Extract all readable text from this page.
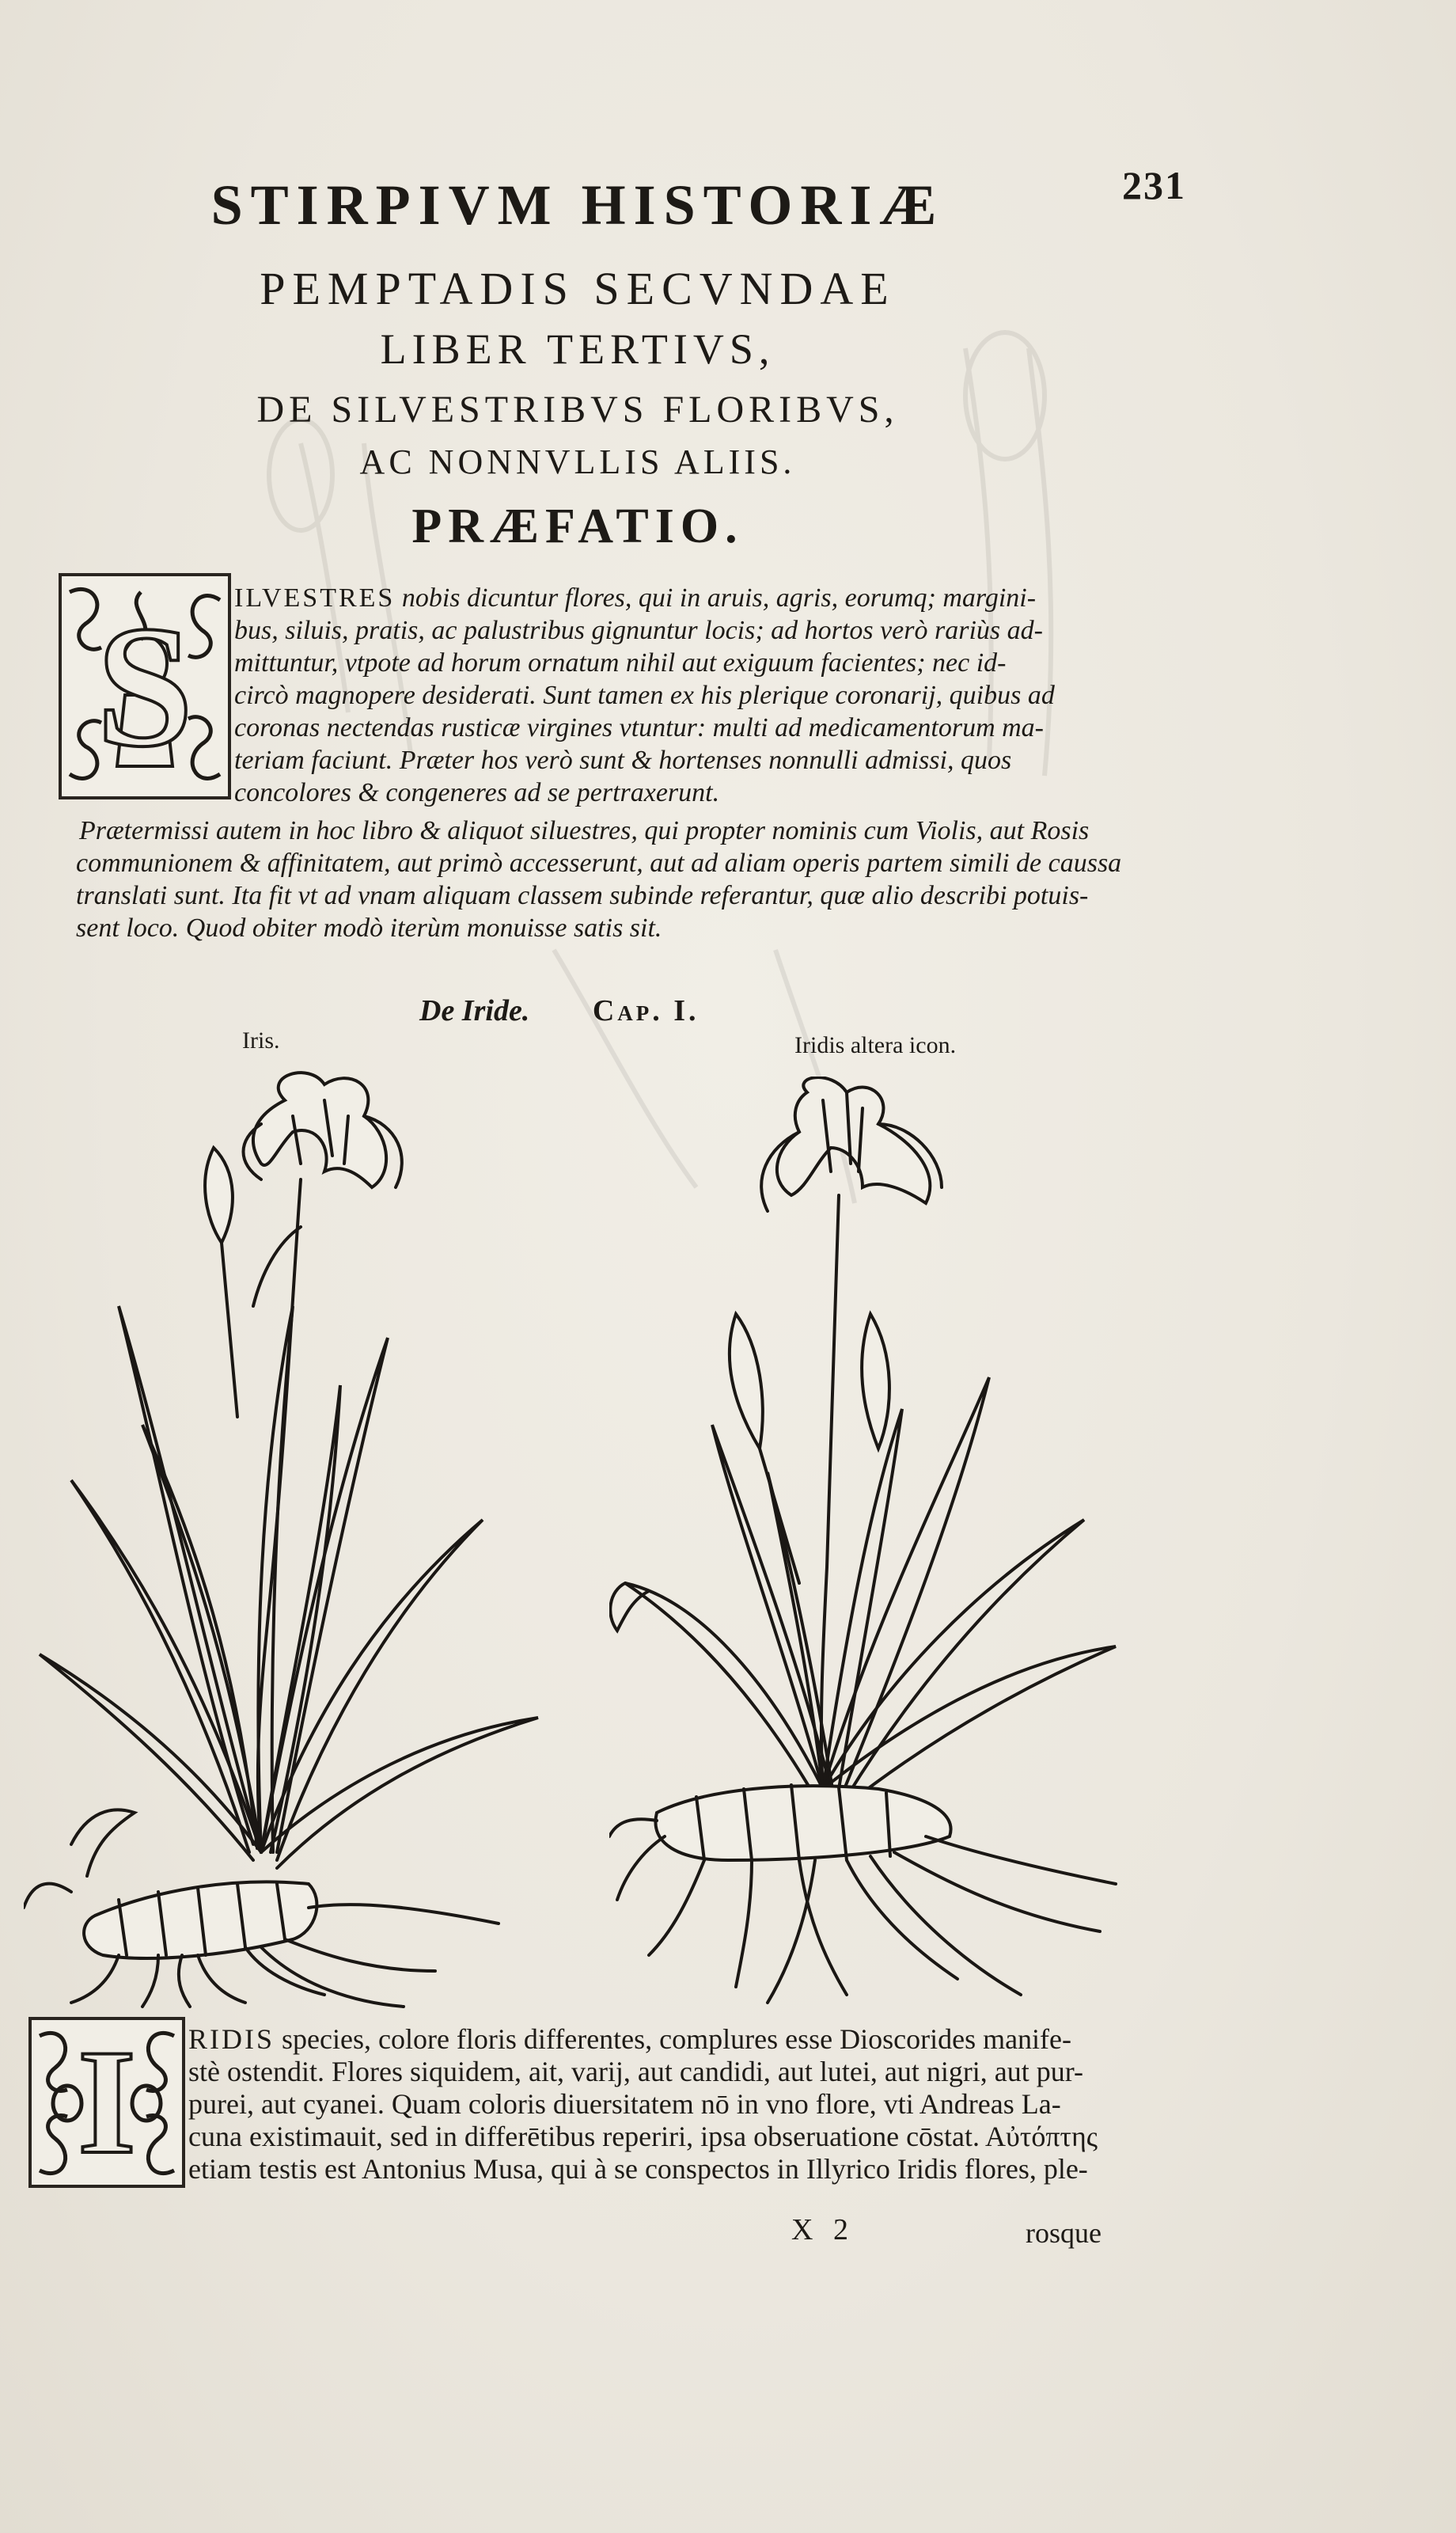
231
STIRPIVM HISTORIÆ
PEMPTADIS SECVNDAE
LIBER TERTIVS,
DE SILVESTRIBVS FLORIBVS,
AC NONNVLLIS ALIIS.
PRÆFATIO.
S ILVESTRES nobis dicuntur flores, qui in aruis, agris, eorumq; margini-
bus, siluis, pratis, ac palustribus gignuntur locis; ad hortos verò rariùs ad-
mittuntur, vtpote ad horum ornatum nihil aut exiguum facientes; nec id-
circò magnopere desiderati. Sunt tamen ex his plerique coronarij, quibus ad
coronas nectendas rusticæ virgines vtuntur: multi ad medicamentorum ma-
teriam faciunt. Præter hos verò sunt & hortenses nonnulli admissi, quos
concolores & congeneres ad se pertraxerunt.
Prætermissi autem in hoc libro & aliquot siluestres, qui propter nominis cum Violis, aut Rosis
communionem & affinitatem, aut primò accesserunt, aut ad aliam operis partem simili de caussa
translati sunt. Ita fit vt ad vnam aliquam classem subinde referantur, quæ alio describi potuis-
sent loco. Quod obiter modò iterùm monuisse satis sit.
De Iride. Cap. I.
Iris.	Iridis altera icon.
I RIDIS species, colore floris differentes, complures esse Dioscorides manife-
stè ostendit. Flores siquidem, ait, varij, aut candidi, aut lutei, aut nigri, aut pur-
purei, aut cyanei. Quam coloris diuersitatem nō in vno flore, vti Andreas La-
cuna existimauit, sed in differētibus reperiri, ipsa obseruatione cōstat. Aὐτόπτης
etiam testis est Antonius Musa, qui à se conspectos in Illyrico Iridis flores, ple-
X 2	rosque
